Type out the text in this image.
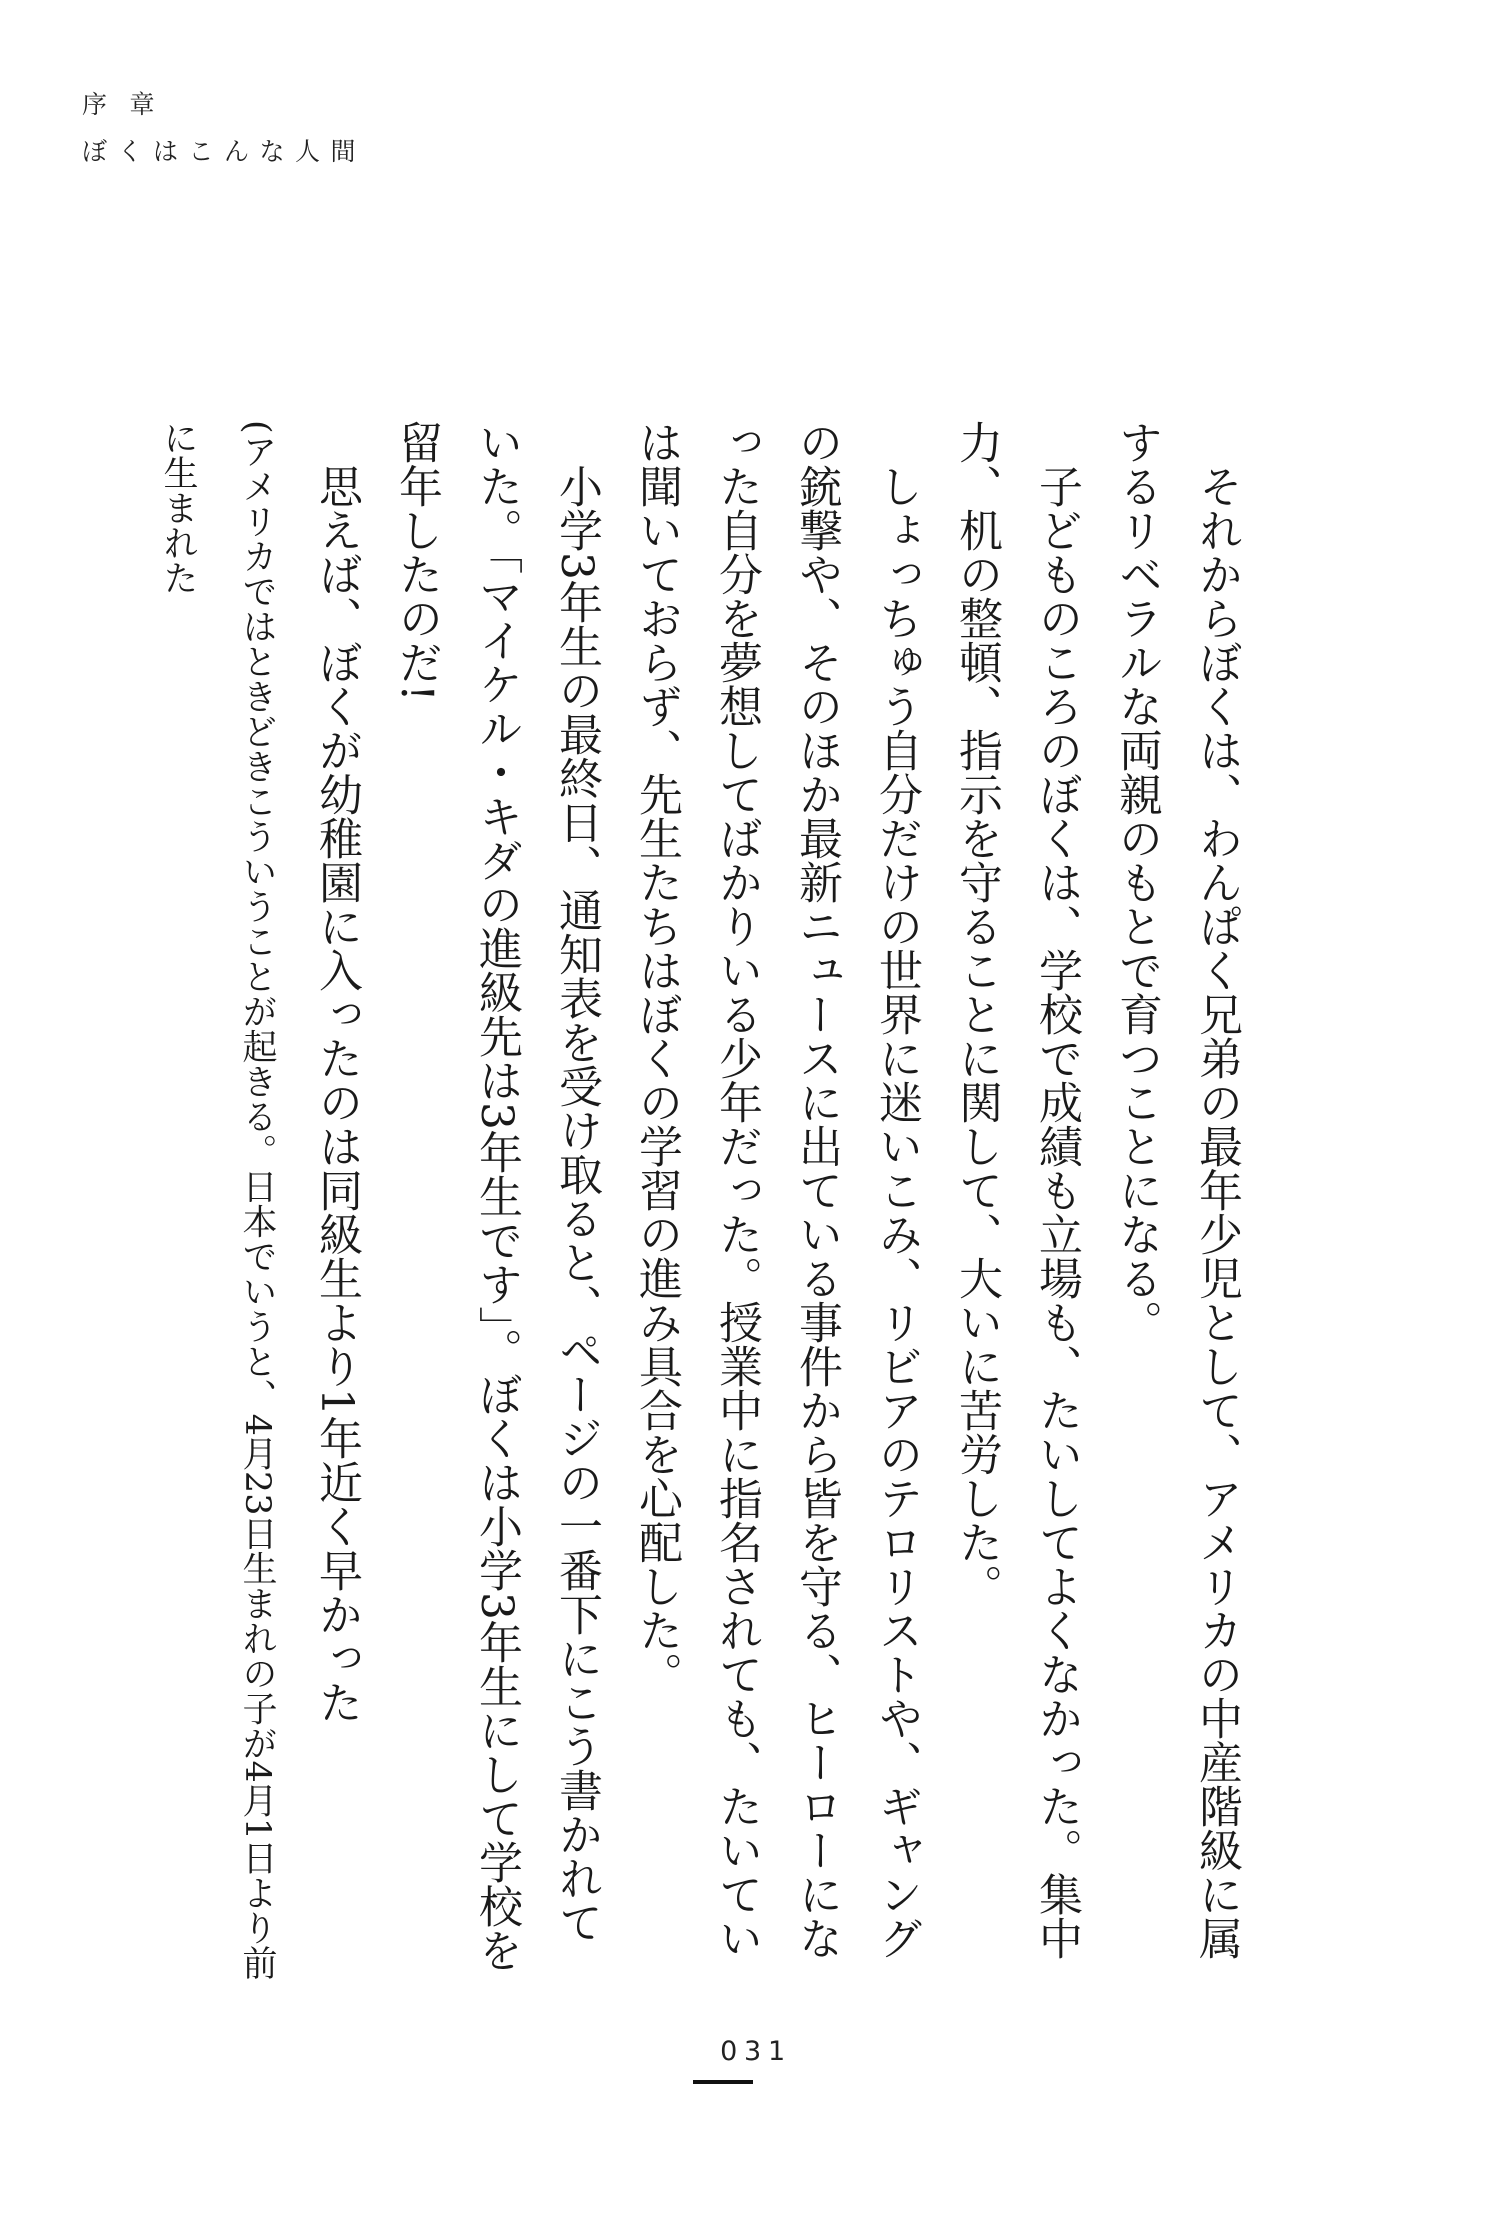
序章
ぼくはこんな人間

それからぼくは、わんぱく兄弟の最年少児として、アメリカの中産階級に属するリベラルな両親のもとで育つことになる。

子どものころのぼくは、学校で成績も立場も、たいしてよくなかった。集中力、机の整頓、指示を守ることに関して、大いに苦労した。

しょっちゅう自分だけの世界に迷いこみ、リビアのテロリストや、ギャングの銃撃や、そのほか最新ニュースに出ている事件から皆を守る、ヒーローになった自分を夢想してばかりいる少年だった。授業中に指名されても、たいていは聞いておらず、先生たちはぼくの学習の進み具合を心配した。

小学3年生の最終日、通知表を受け取ると、ページの一番下にこう書かれていた。「マイケル・キダの進級先は3年生です」。ぼくは小学3年生にして学校を留年したのだ!

思えば、ぼくが幼稚園に入ったのは同級生より1年近く早かった

(アメリカではときどきこういうことが起きる。日本でいうと、4月23日生まれの子が4月1日より前に生まれた

031
